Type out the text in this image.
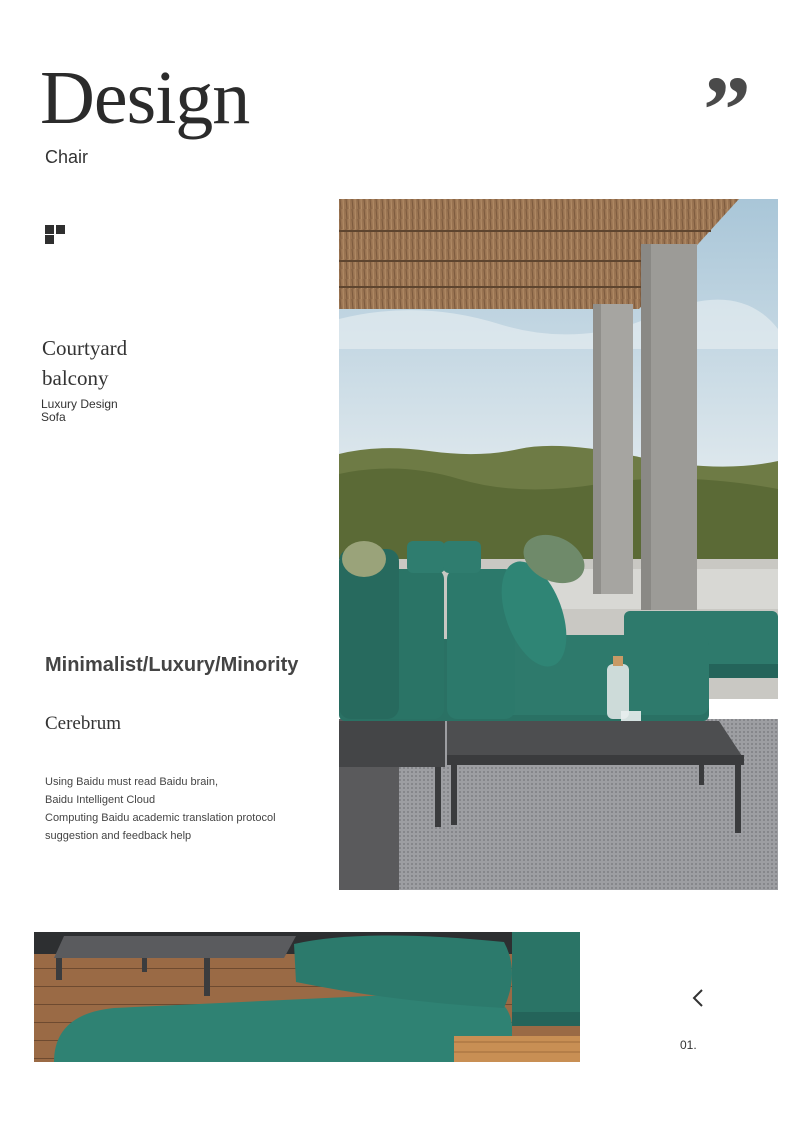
Design
Chair	”
Courtyard
balcony
Luxury Design
Sofa
Minimalist/Luxury/Minority
Cerebrum
Using Baidu must read Baidu brain,
Baidu Intelligent Cloud
Computing Baidu academic translation protocol
suggestion and feedback help
01.
